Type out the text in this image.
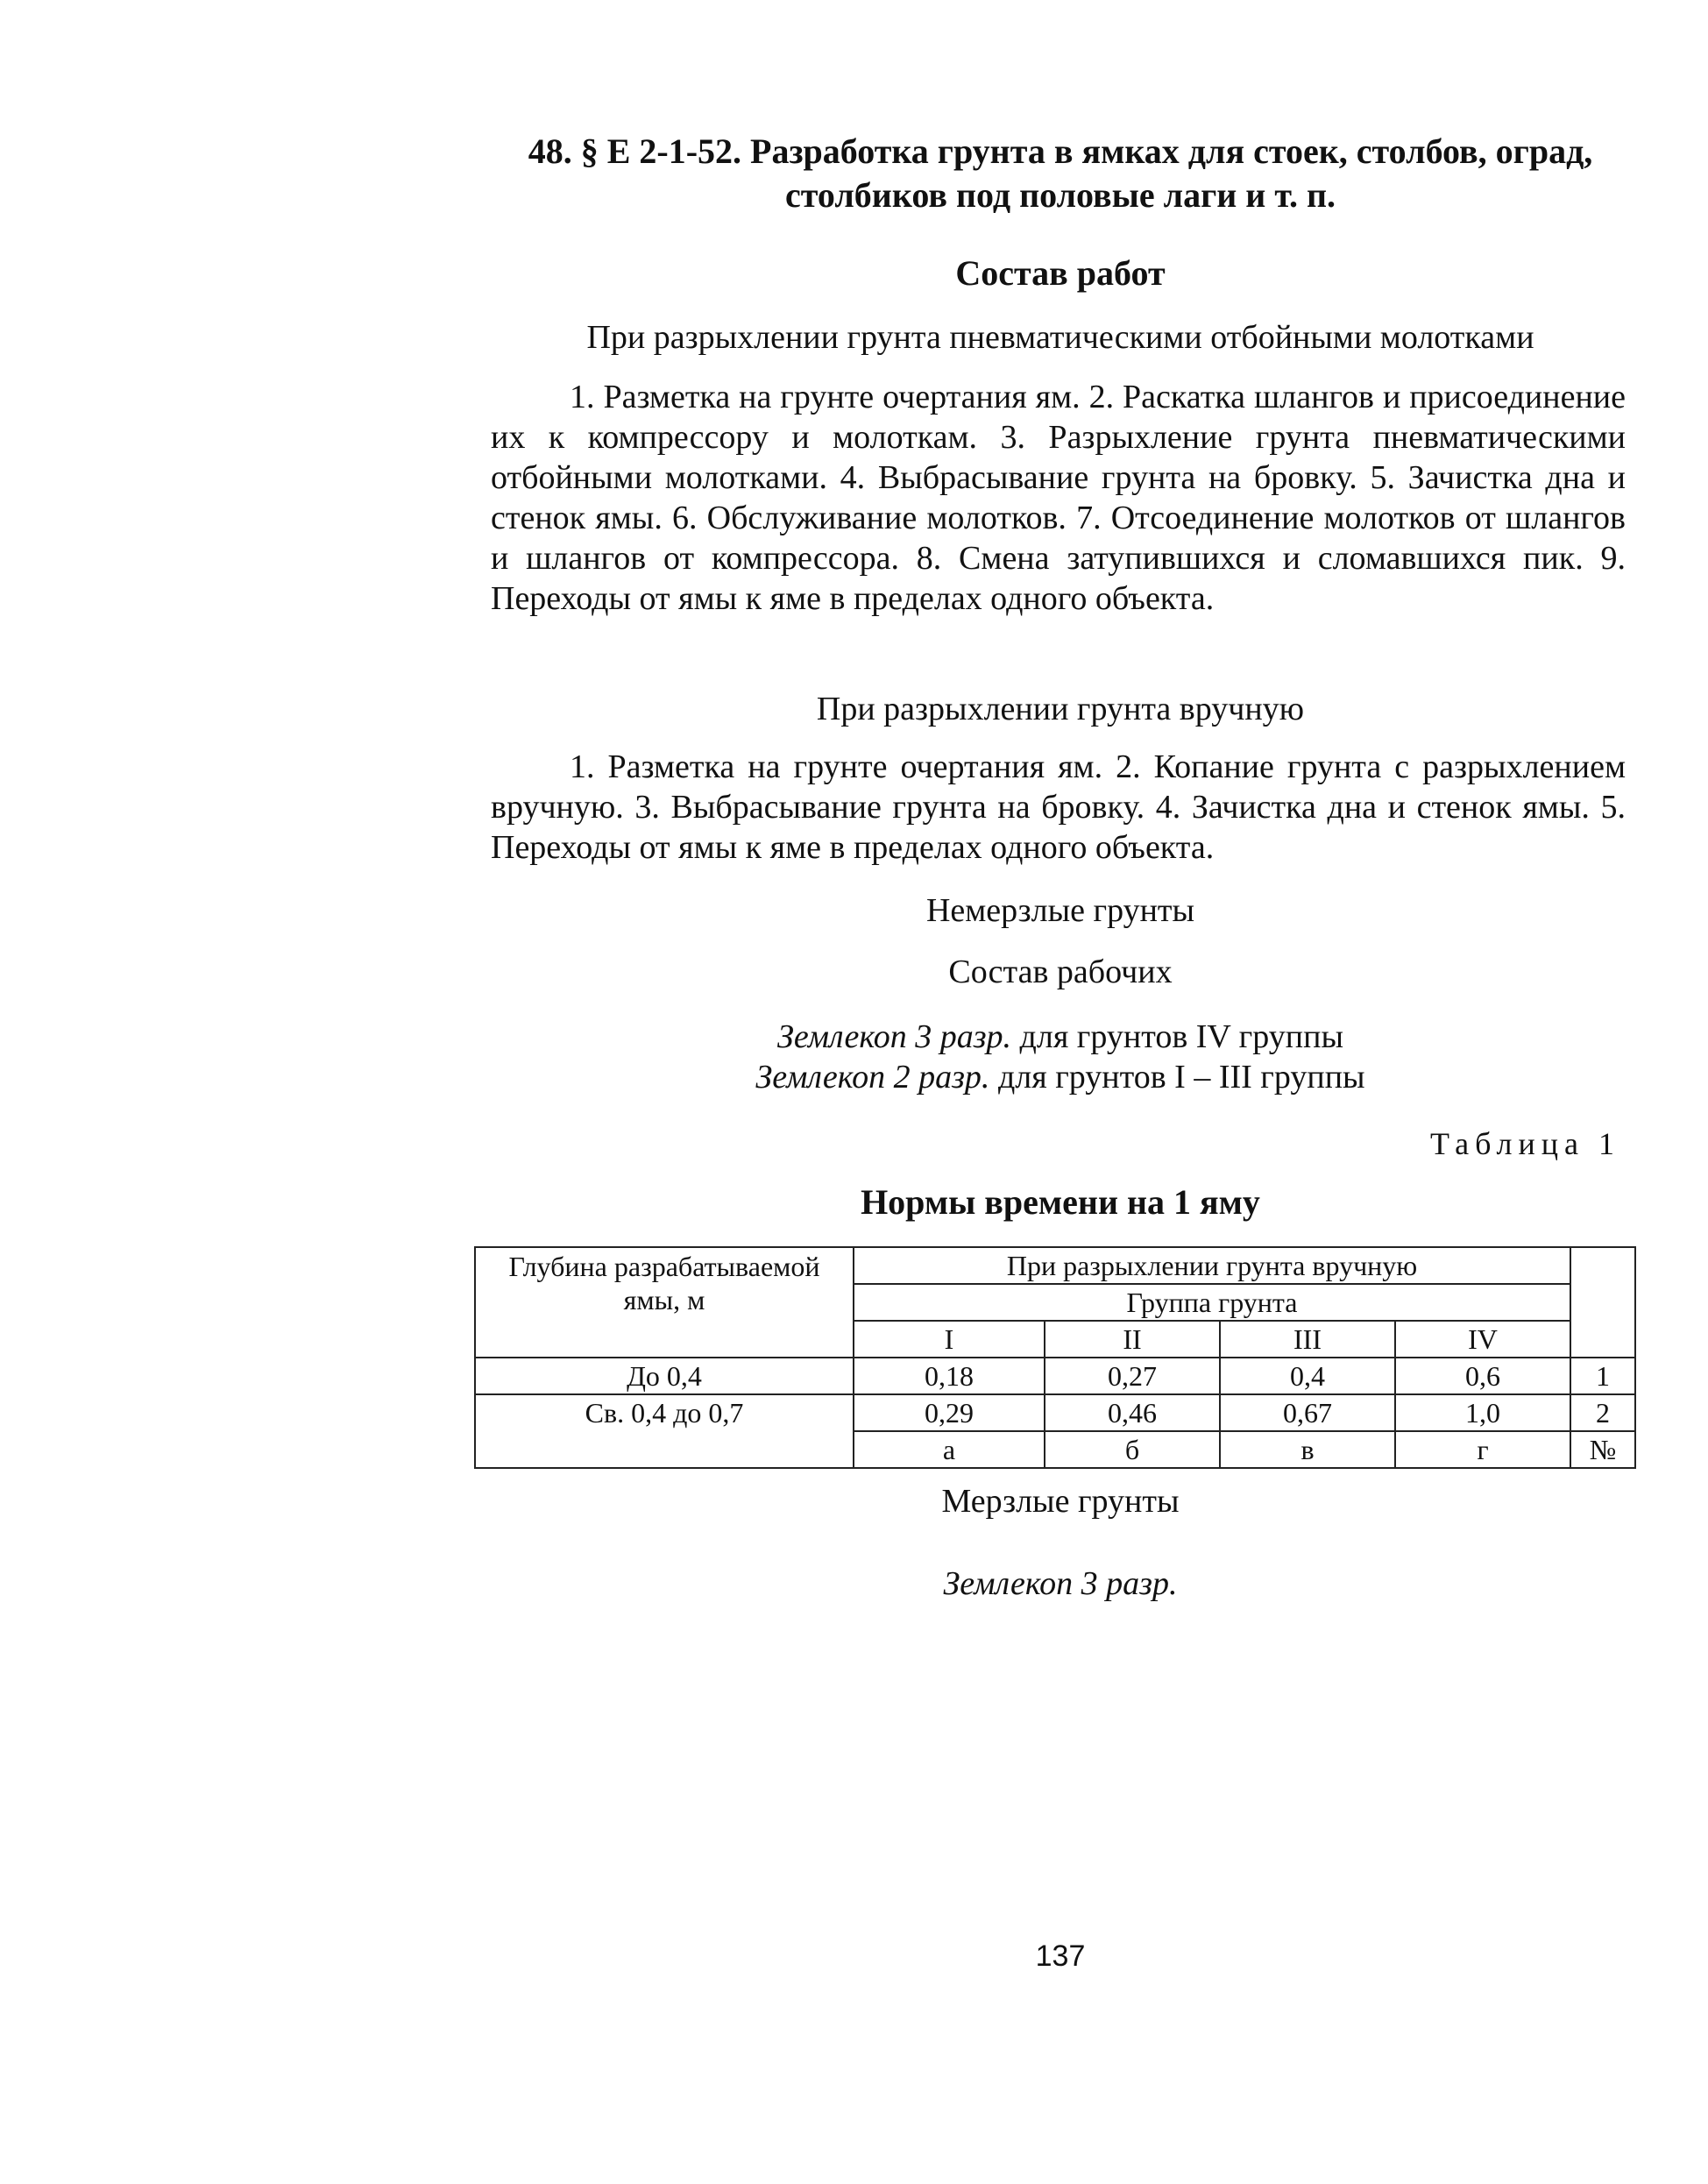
48. § Е 2-1-52. Разработка грунта в ямках для стоек, столбов, оград,
столбиков под половые лаги и т. п.
Состав работ
При разрыхлении грунта пневматическими отбойными молотками
1. Разметка на грунте очертания ям. 2. Раскатка шлангов и присоединение их к компрессору и молоткам. 3. Разрыхление грунта пневматическими отбойными молотками. 4. Выбрасывание грунта на бровку. 5. Зачистка дна и стенок ямы. 6. Обслуживание молотков. 7. Отсоединение молотков от шлангов и шлангов от компрессора. 8. Смена затупившихся и сломавшихся пик. 9. Переходы от ямы к яме в пределах одного объекта.
При разрыхлении грунта вручную
1. Разметка на грунте очертания ям. 2. Копание грунта с разрыхлением вручную. 3. Выбрасывание грунта на бровку. 4. Зачистка дна и стенок ямы. 5. Переходы от ямы к яме в пределах одного объекта.
Немерзлые грунты
Состав рабочих
Землекоп 3 разр. для грунтов IV группы
Землекоп 2 разр. для грунтов I – III группы
Таблица 1
Нормы времени на 1 яму
Глубина разрабатываемой ямы, м	При разрыхлении грунта вручную				
	Группа грунта				
	I	II	III	IV	
До 0,4	0,18	0,27	0,4	0,6	1
Св. 0,4 до 0,7	0,29	0,46	0,67	1,0	2
	а	б	в	г	№
Мерзлые грунты
Землекоп 3 разр.
137
